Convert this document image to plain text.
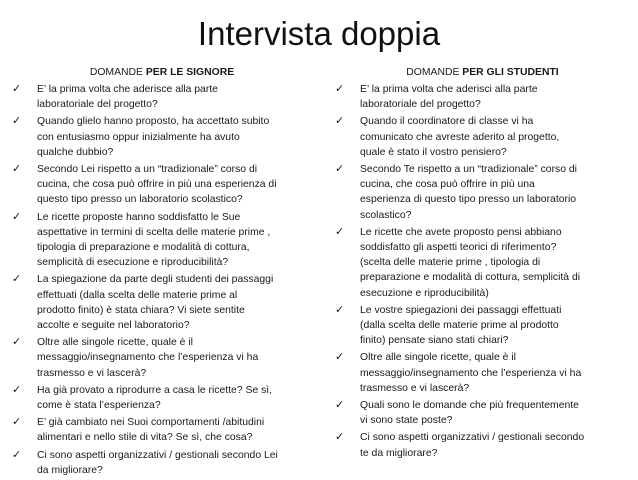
Intervista doppia
DOMANDE PER LE SIGNORE
✓ E’ la prima volta che aderisce alla parte
laboratoriale del progetto?
✓ Quando glielo hanno proposto, ha accettato subito
con entusiasmo oppur inizialmente ha avuto
qualche dubbio?
✓ Secondo Lei rispetto a un “tradizionale” corso di
cucina, che cosa può offrire in più una esperienza di
questo tipo presso un laboratorio scolastico?
✓ Le ricette proposte hanno soddisfatto le Sue
aspettative in termini di scelta delle materie prime ,
tipologia di preparazione e modalità di cottura,
semplicità di esecuzione e riproducibilità?
✓ La spiegazione da parte degli studenti dei passaggi
effettuati (dalla scelta delle materie prime al
prodotto finito) è stata chiara? Vi siete sentite
accolte e seguite nel laboratorio?
✓ Oltre alle singole ricette, quale è il
messaggio/insegnamento che l’esperienza vi ha
trasmesso e vi lascerà?
✓ Ha già provato a riprodurre a casa le ricette? Se sì,
come è stata l’esperienza?
✓ E’ già cambiato nei Suoi comportamenti /abitudini
alimentari e nello stile di vita? Se sì, che cosa?
✓ Ci sono aspetti organizzativi / gestionali secondo Lei
da migliorare?
DOMANDE PER GLI STUDENTI
✓ E’ la prima volta che aderisci alla parte
laboratoriale del progetto?
✓ Quando il coordinatore di classe vi ha
comunicato che avreste aderito al progetto,
quale è stato il vostro pensiero?
✓ Secondo Te rispetto a un “tradizionale” corso di
cucina, che cosa può offrire in più una
esperienza di questo tipo presso un laboratorio
scolastico?
✓ Le ricette che avete proposto pensi abbiano
soddisfatto gli aspetti teorici di riferimento?
(scelta delle materie prime , tipologia di
preparazione e modalità di cottura, semplicità di
esecuzione e riproducibilità)
✓ Le vostre spiegazioni dei passaggi effettuati
(dalla scelta delle materie prime al prodotto
finito) pensate siano stati chiari?
✓ Oltre alle singole ricette, quale è il
messaggio/insegnamento che l’esperienza vi ha
trasmesso e vi lascerà?
✓ Quali sono le domande che più frequentemente
vi sono state poste?
✓ Ci sono aspetti organizzativi / gestionali secondo
te da migliorare?
